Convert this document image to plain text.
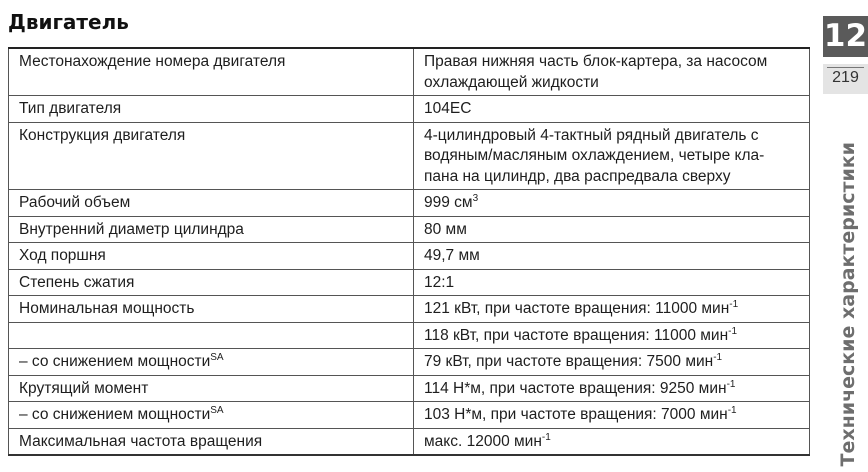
Двигатель
Местонахождение номера двигателя	Правая нижняя часть блок-картера, за насосом
охлаждающей жидкости
Тип двигателя	104EC
Конструкция двигателя	4-цилиндровый 4-тактный рядный двигатель с
водяным/масляным охлаждением, четыре кла-
пана на цилиндр, два распредвала сверху
Рабочий объем	999 $см^3$
Внутренний диаметр цилиндра	80 мм
Ход поршня	49,7 мм
Степень сжатия	12:1
Номинальная мощность	121 кВт, при частоте вращения: 11000 мин$^{-1}$
	118 кВт, при частоте вращения: 11000 мин$^{-1}$
– со снижением мощности$^{SA}$	79 кВт, при частоте вращения: 7500 мин$^{-1}$
Крутящий момент	114 Н*м, при частоте вращения: 9250 мин$^{-1}$
– со снижением мощности$^{SA}$	103 Н*м, при частоте вращения: 7000 мин$^{-1}$
Максимальная частота вращения	макс. 12000 мин$^{-1}$
12
219
Технические характеристики
